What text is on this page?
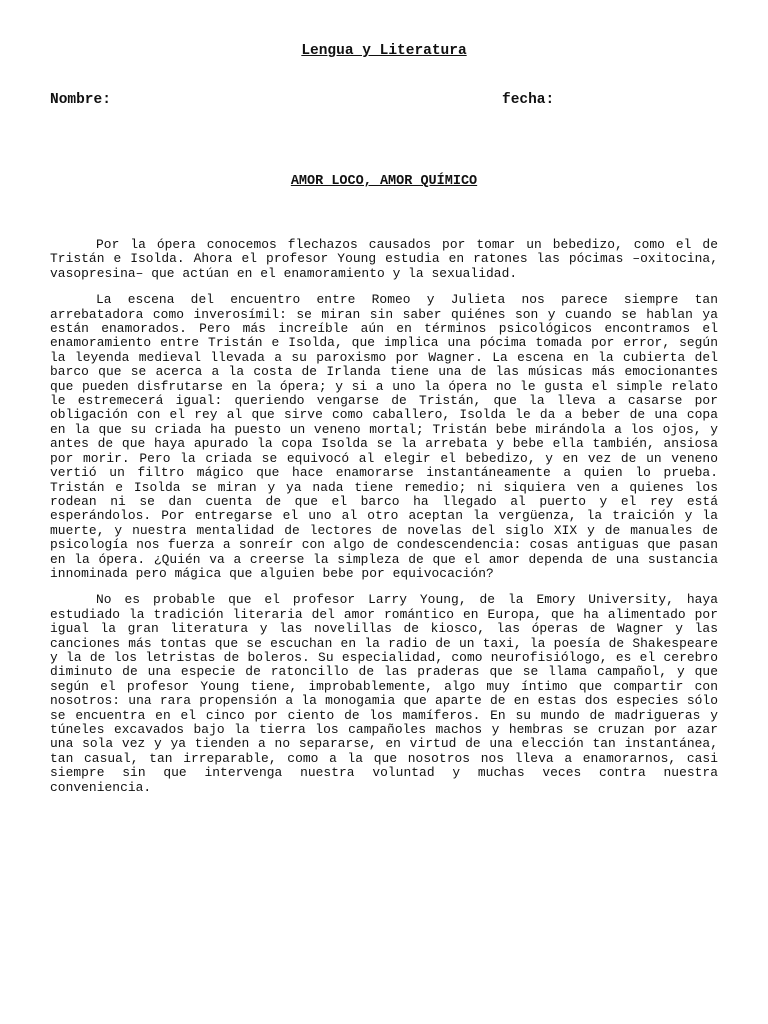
Lengua y Literatura

Nombre:	fecha:

AMOR LOCO, AMOR QUÍMICO

Por la ópera conocemos flechazos causados por tomar un bebedizo, como el de Tristán e Isolda. Ahora el profesor Young estudia en ratones las pócimas –oxitocina, vasopresina– que actúan en el enamoramiento y la sexualidad.

La escena del encuentro entre Romeo y Julieta nos parece siempre tan arrebatadora como inverosímil: se miran sin saber quiénes son y cuando se hablan ya están enamorados. Pero más increíble aún en términos psicológicos encontramos el enamoramiento entre Tristán e Isolda, que implica una pócima tomada por error, según la leyenda medieval llevada a su paroxismo por Wagner. La escena en la cubierta del barco que se acerca a la costa de Irlanda tiene una de las músicas más emocionantes que pueden disfrutarse en la ópera; y si a uno la ópera no le gusta el simple relato le estremecerá igual: queriendo vengarse de Tristán, que la lleva a casarse por obligación con el rey al que sirve como caballero, Isolda le da a beber de una copa en la que su criada ha puesto un veneno mortal; Tristán bebe mirándola a los ojos, y antes de que haya apurado la copa Isolda se la arrebata y bebe ella también, ansiosa por morir. Pero la criada se equivocó al elegir el bebedizo, y en vez de un veneno vertió un filtro mágico que hace enamorarse instantáneamente a quien lo prueba. Tristán e Isolda se miran y ya nada tiene remedio; ni siquiera ven a quienes los rodean ni se dan cuenta de que el barco ha llegado al puerto y el rey está esperándolos. Por entregarse el uno al otro aceptan la vergüenza, la traición y la muerte, y nuestra mentalidad de lectores de novelas del siglo XIX y de manuales de psicología nos fuerza a sonreír con algo de condescendencia: cosas antiguas que pasan en la ópera. ¿Quién va a creerse la simpleza de que el amor dependa de una sustancia innominada pero mágica que alguien bebe por equivocación?

No es probable que el profesor Larry Young, de la Emory University, haya estudiado la tradición literaria del amor romántico en Europa, que ha alimentado por igual la gran literatura y las novelillas de kiosco, las óperas de Wagner y las canciones más tontas que se escuchan en la radio de un taxi, la poesía de Shakespeare y la de los letristas de boleros. Su especialidad, como neurofisiólogo, es el cerebro diminuto de una especie de ratoncillo de las praderas que se llama campañol, y que según el profesor Young tiene, improbablemente, algo muy íntimo que compartir con nosotros: una rara propensión a la monogamia que aparte de en estas dos especies sólo se encuentra en el cinco por ciento de los mamíferos. En su mundo de madrigueras y túneles excavados bajo la tierra los campañoles machos y hembras se cruzan por azar una sola vez y ya tienden a no separarse, en virtud de una elección tan instantánea, tan casual, tan irreparable, como a la que nosotros nos lleva a enamorarnos, casi siempre sin que intervenga nuestra voluntad y muchas veces contra nuestra conveniencia.
